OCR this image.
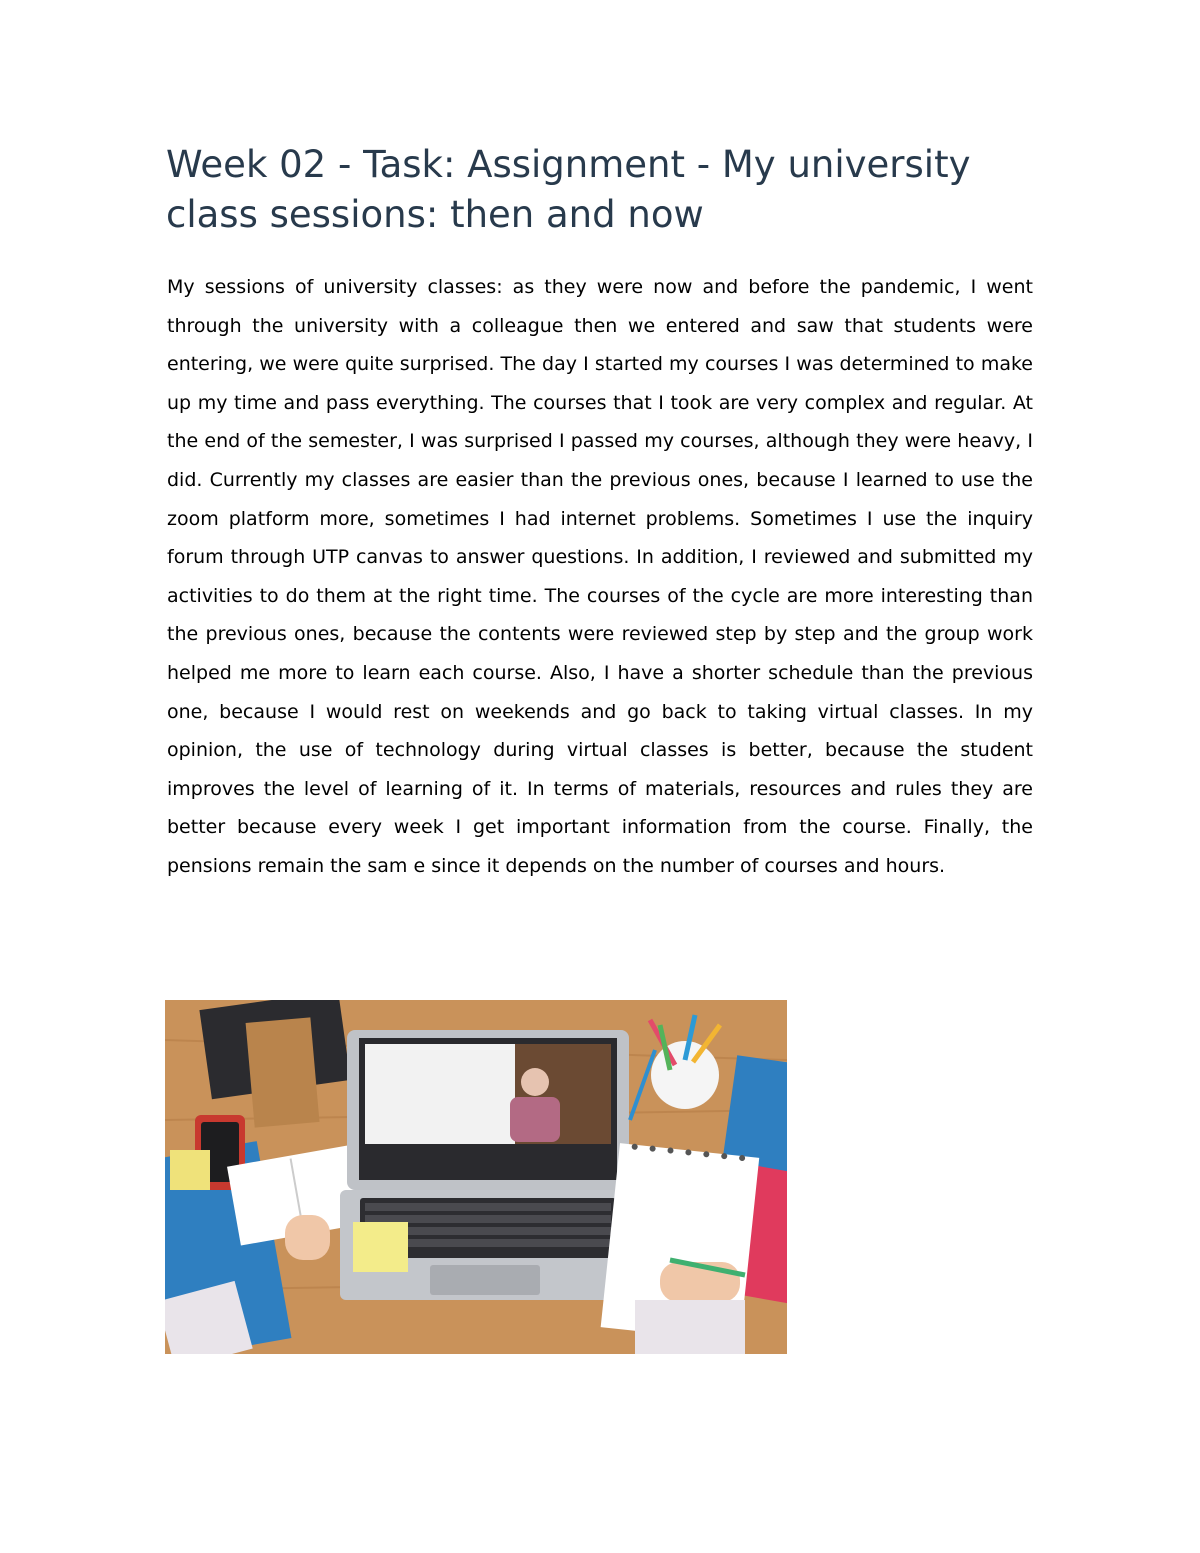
Week 02 - Task: Assignment - My university class sessions: then and now

My sessions of university classes: as they were now and before the pandemic, I went through the university with a colleague then we entered and saw that students were entering, we were quite surprised. The day I started my courses I was determined to make up my time and pass everything. The courses that I took are very complex and regular. At the end of the semester, I was surprised I passed my courses, although they were heavy, I did. Currently my classes are easier than the previous ones, because I learned to use the zoom platform more, sometimes I had internet problems. Sometimes I use the inquiry forum through UTP canvas to answer questions. In addition, I reviewed and submitted my activities to do them at the right time. The courses of the cycle are more interesting than the previous ones, because the contents were reviewed step by step and the group work helped me more to learn each course. Also, I have a shorter schedule than the previous one, because I would rest on weekends and go back to taking virtual classes. In my opinion, the use of technology during virtual classes is better, because the student improves the level of learning of it. In terms of materials, resources and rules they are better because every week I get important information from the course. Finally, the pensions remain the sam e since it depends on the number of courses and hours.
